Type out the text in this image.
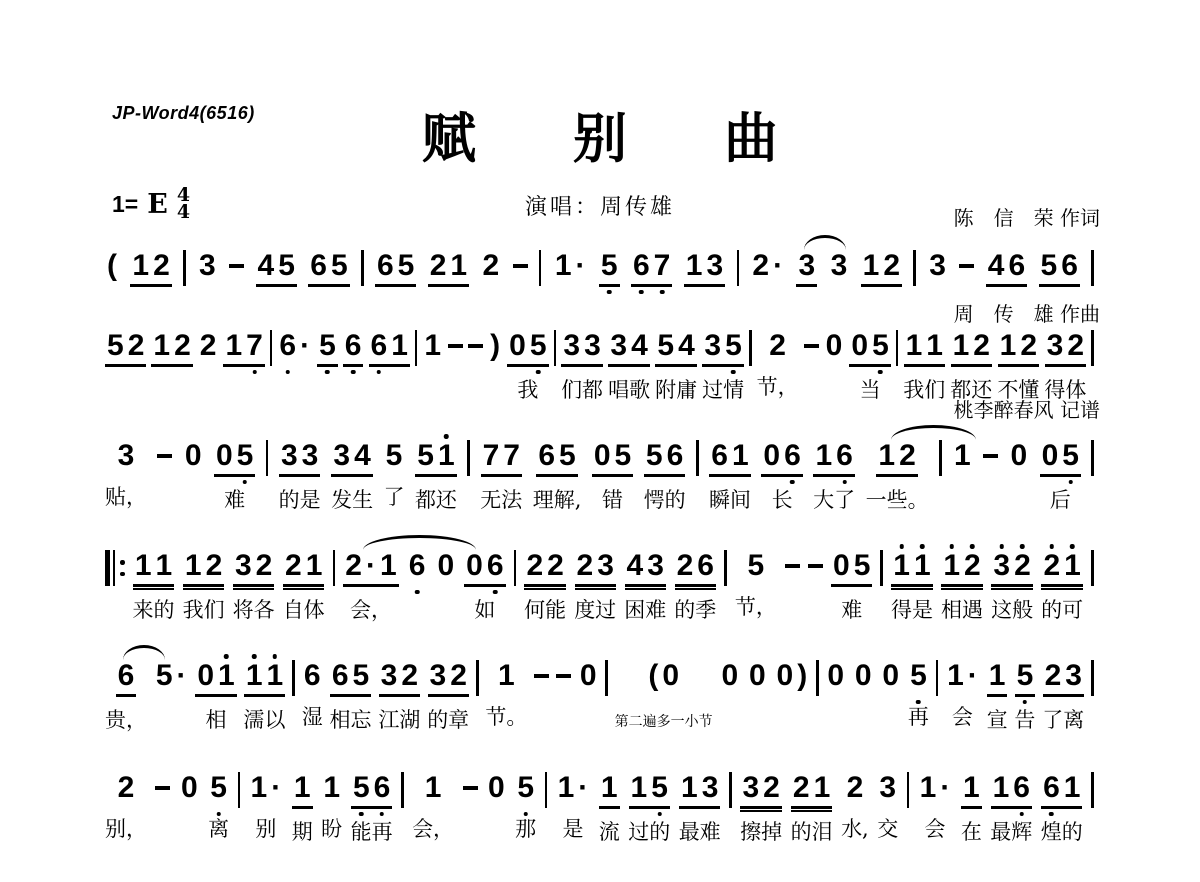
JP-Word4(6516)	赋别曲
演唱：周传雄

	陈　信　荣 作词

周　传　雄 作曲

桃李醉春风 记谱

1= E 4
4
( 1 2 3 4 5 6 5 6 5 2 1 2 1 · 5 6 7 1 3 2 · 3 3 1 2 3 4 6 5 6
5 2 1 2 2 1 7 6 · 5 6 6 1 1 ) 0 5
我
3 3
们都
3 4
唱歌
5 4
附庸
3 5
过情
2
节，
0 0 5
当
1 1
我们
1 2
都还
1 2
不懂
3 2
得体
3
贴，
0 0 5
难
3 3
的是
3 4
发生
5
了
5 1
都还
7 7
无法
6 5
理解,
0 5
错
5 6
愕的
6 1
瞬间
0 6
长
1 6
大了
1 2
一些。
1 0 0 5
后
1 1
来的
1 2
我们
3 2
将各
2 1
自体
2 · 1
会，
6 0 0 6
如
2 2
何能
2 3
度过
4 3
困难
2 6
的季
5
节，
0 5
难
1 1
得是
1 2
相遇
3 2
这般
2 1
的可
6
贵，
5 · 0 1
相
1 1
濡以
6
湿
6 5
相忘
3 2
江湖
3 2
的章
1
节。
0 ( 0
第二遍多一小节
0 0 0 ) 0 0 0 5
再
1 ·
会
1
宣
5
告
2 3
了离
2
别，
0 5
离
1 ·
别
1
期
1
盼
5 6
能再
1
会，
0 5
那
1 ·
是
1
流
1 5
过的
1 3
最难
3 2
擦掉
2 1
的泪
2
水,
3
交
1 ·
会
1
在
1 6
最辉
6 1
煌的
